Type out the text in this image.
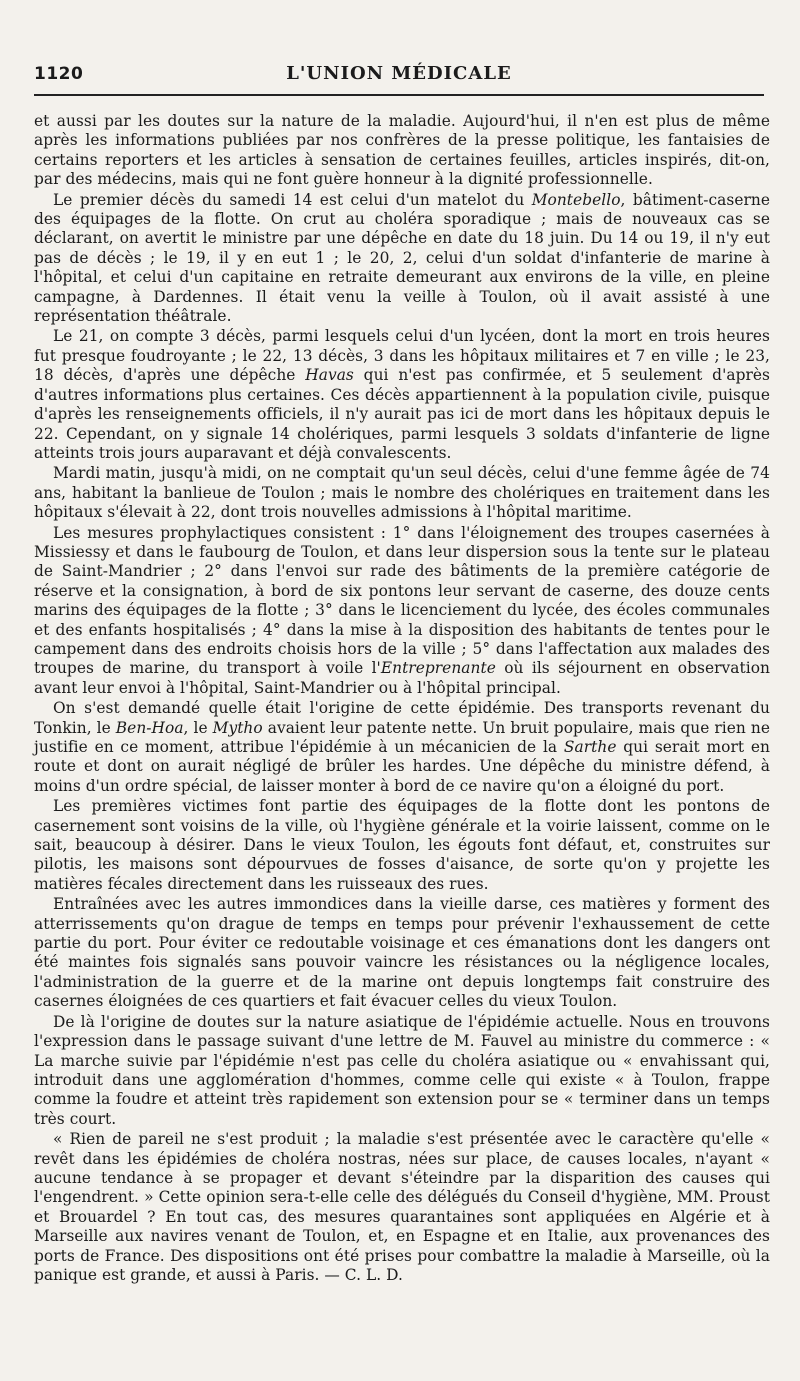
1120	L'UNION MÉDICALE

et aussi par les doutes sur la nature de la maladie. Aujourd'hui, il n'en est plus de même après les informations publiées par nos confrères de la presse politique, les fantaisies de certains reporters et les articles à sensation de certaines feuilles, articles inspirés, dit-on, par des médecins, mais qui ne font guère honneur à la dignité professionnelle.

Le premier décès du samedi 14 est celui d'un matelot du Montebello, bâtiment-caserne des équipages de la flotte. On crut au choléra sporadique ; mais de nouveaux cas se déclarant, on avertit le ministre par une dépêche en date du 18 juin. Du 14 ou 19, il n'y eut pas de décès ; le 19, il y en eut 1 ; le 20, 2, celui d'un soldat d'infanterie de marine à l'hôpital, et celui d'un capitaine en retraite demeurant aux environs de la ville, en pleine campagne, à Dardennes. Il était venu la veille à Toulon, où il avait assisté à une représentation théâtrale.

Le 21, on compte 3 décès, parmi lesquels celui d'un lycéen, dont la mort en trois heures fut presque foudroyante ; le 22, 13 décès, 3 dans les hôpitaux militaires et 7 en ville ; le 23, 18 décès, d'après une dépêche Havas qui n'est pas confirmée, et 5 seulement d'après d'autres informations plus certaines. Ces décès appartiennent à la population civile, puisque d'après les renseignements officiels, il n'y aurait pas ici de mort dans les hôpitaux depuis le 22. Cependant, on y signale 14 cholériques, parmi lesquels 3 soldats d'infanterie de ligne atteints trois jours auparavant et déjà convalescents.

Mardi matin, jusqu'à midi, on ne comptait qu'un seul décès, celui d'une femme âgée de 74 ans, habitant la banlieue de Toulon ; mais le nombre des cholériques en traitement dans les hôpitaux s'élevait à 22, dont trois nouvelles admissions à l'hôpital maritime.

Les mesures prophylactiques consistent : 1° dans l'éloignement des troupes casernées à Missiessy et dans le faubourg de Toulon, et dans leur dispersion sous la tente sur le plateau de Saint-Mandrier ; 2° dans l'envoi sur rade des bâtiments de la première catégorie de réserve et la consignation, à bord de six pontons leur servant de caserne, des douze cents marins des équipages de la flotte ; 3° dans le licenciement du lycée, des écoles communales et des enfants hospitalisés ; 4° dans la mise à la disposition des habitants de tentes pour le campement dans des endroits choisis hors de la ville ; 5° dans l'affectation aux malades des troupes de marine, du transport à voile l'Entreprenante où ils séjournent en observation avant leur envoi à l'hôpital, Saint-Mandrier ou à l'hôpital principal.

On s'est demandé quelle était l'origine de cette épidémie. Des transports revenant du Tonkin, le Ben-Hoa, le Mytho avaient leur patente nette. Un bruit populaire, mais que rien ne justifie en ce moment, attribue l'épidémie à un mécanicien de la Sarthe qui serait mort en route et dont on aurait négligé de brûler les hardes. Une dépêche du ministre défend, à moins d'un ordre spécial, de laisser monter à bord de ce navire qu'on a éloigné du port.

Les premières victimes font partie des équipages de la flotte dont les pontons de casernement sont voisins de la ville, où l'hygiène générale et la voirie laissent, comme on le sait, beaucoup à désirer. Dans le vieux Toulon, les égouts font défaut, et, construites sur pilotis, les maisons sont dépourvues de fosses d'aisance, de sorte qu'on y projette les matières fécales directement dans les ruisseaux des rues.

Entraînées avec les autres immondices dans la vieille darse, ces matières y forment des atterrissements qu'on drague de temps en temps pour prévenir l'exhaussement de cette partie du port. Pour éviter ce redoutable voisinage et ces émanations dont les dangers ont été maintes fois signalés sans pouvoir vaincre les résistances ou la négligence locales, l'administration de la guerre et de la marine ont depuis longtemps fait construire des casernes éloignées de ces quartiers et fait évacuer celles du vieux Toulon.

De là l'origine de doutes sur la nature asiatique de l'épidémie actuelle. Nous en trouvons l'expression dans le passage suivant d'une lettre de M. Fauvel au ministre du commerce : « La marche suivie par l'épidémie n'est pas celle du choléra asiatique ou « envahissant qui, introduit dans une agglomération d'hommes, comme celle qui existe « à Toulon, frappe comme la foudre et atteint très rapidement son extension pour se « terminer dans un temps très court.

« Rien de pareil ne s'est produit ; la maladie s'est présentée avec le caractère qu'elle « revêt dans les épidémies de choléra nostras, nées sur place, de causes locales, n'ayant « aucune tendance à se propager et devant s'éteindre par la disparition des causes qui l'engendrent. » Cette opinion sera-t-elle celle des délégués du Conseil d'hygiène, MM. Proust et Brouardel ? En tout cas, des mesures quarantaines sont appliquées en Algérie et à Marseille aux navires venant de Toulon, et, en Espagne et en Italie, aux provenances des ports de France. Des dispositions ont été prises pour combattre la maladie à Marseille, où la panique est grande, et aussi à Paris. — C. L. D.
